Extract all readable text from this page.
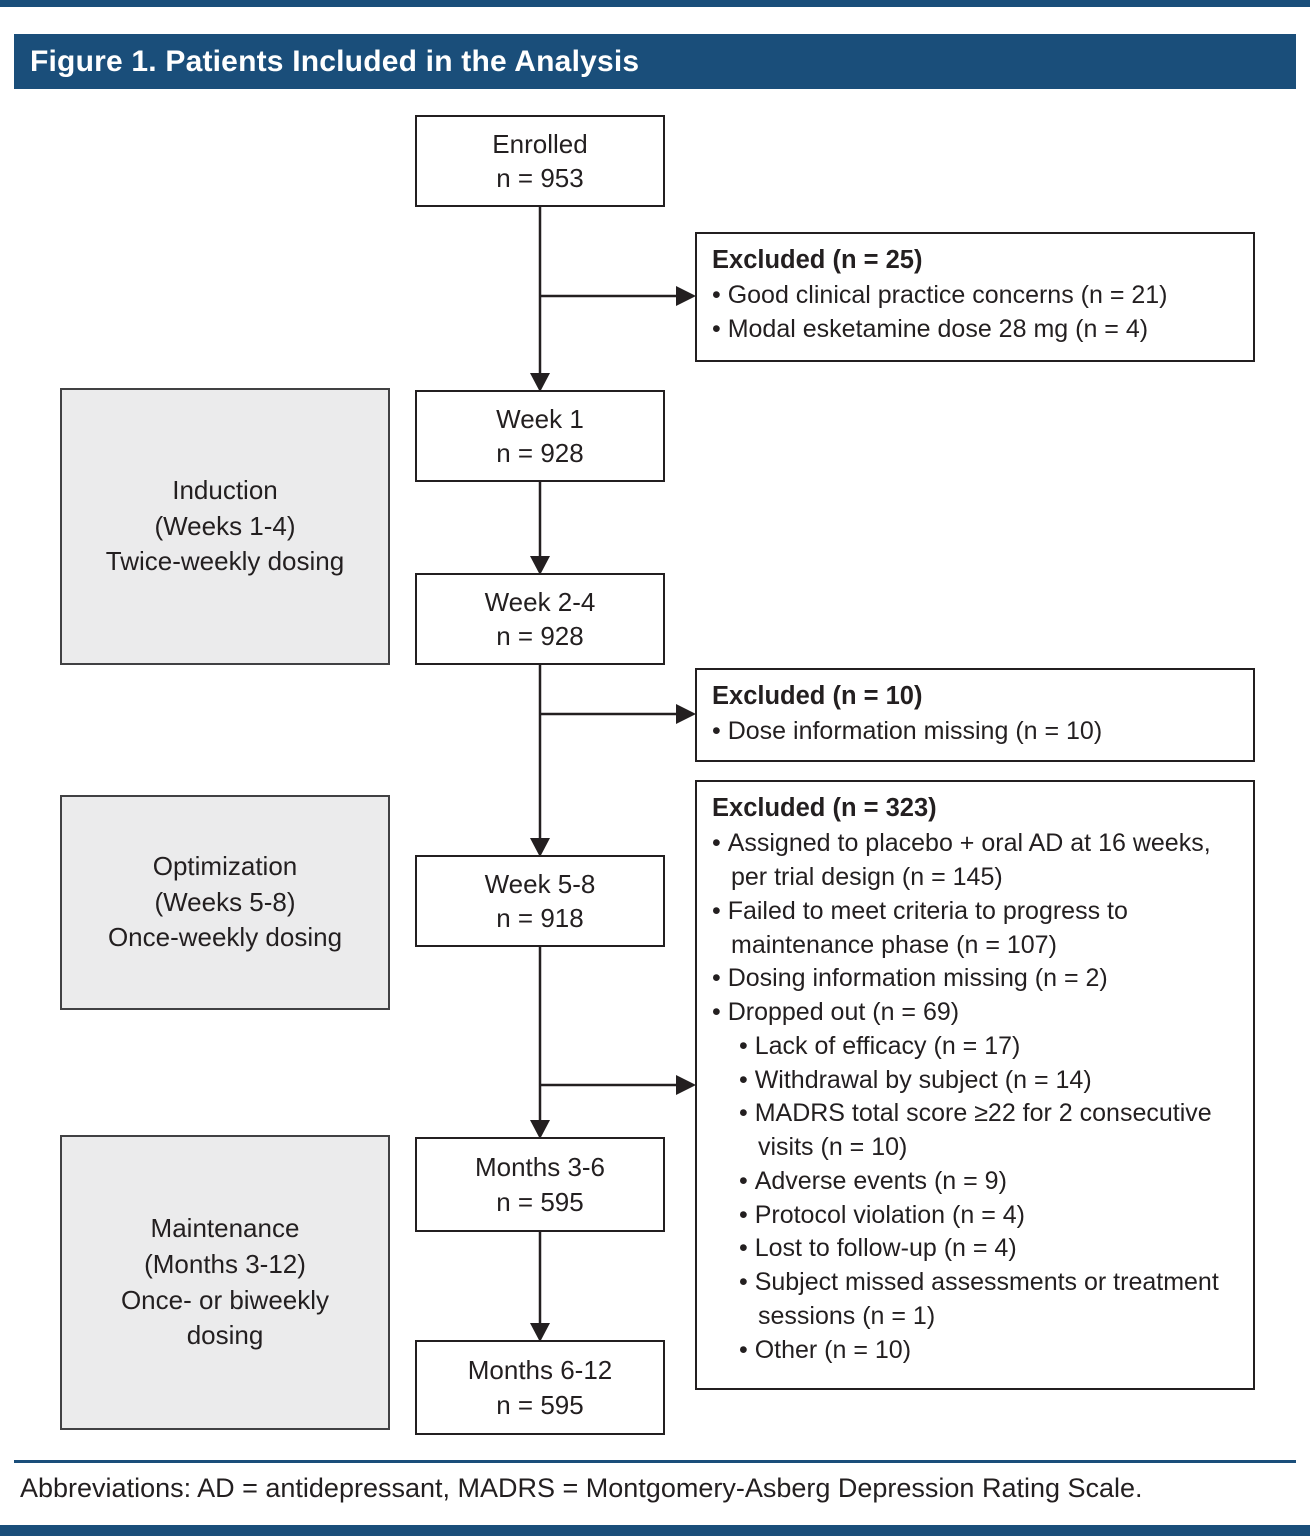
Figure 1. Patients Included in the Analysis
Enrolled
n = 953
Week 1
n = 928
Week 2-4
n = 928
Week 5-8
n = 918
Months 3-6
n = 595
Months 6-12
n = 595
Induction
(Weeks 1-4)
Twice-weekly dosing
Optimization
(Weeks 5-8)
Once-weekly dosing
Maintenance
(Months 3-12)
Once- or biweekly
dosing
Excluded (n = 25)
• Good clinical practice concerns (n = 21)
• Modal esketamine dose 28 mg (n = 4)
Excluded (n = 10)
• Dose information missing (n = 10)
Excluded (n = 323)
• Assigned to placebo + oral AD at 16 weeks, per trial design (n = 145)
• Failed to meet criteria to progress to maintenance phase (n = 107)
• Dosing information missing (n = 2)
• Dropped out (n = 69)
• Lack of efficacy (n = 17)
• Withdrawal by subject (n = 14)
• MADRS total score ≥22 for 2 consecutive visits (n = 10)
• Adverse events (n = 9)
• Protocol violation (n = 4)
• Lost to follow-up (n = 4)
• Subject missed assessments or treatment sessions (n = 1)
• Other (n = 10)
Abbreviations: AD = antidepressant, MADRS = Montgomery-Asberg Depression Rating Scale.
